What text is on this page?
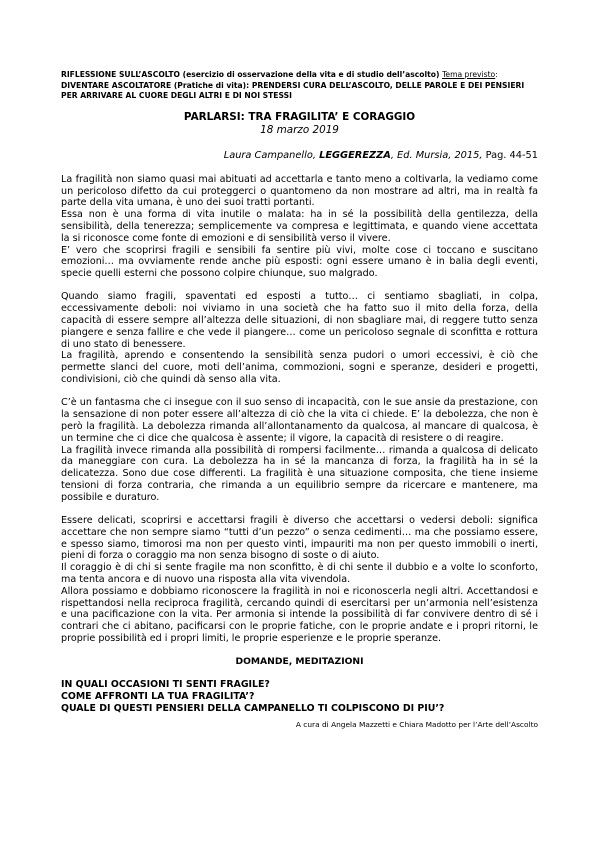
RIFLESSIONE SULL’ASCOLTO (esercizio di osservazione della vita e di studio dell’ascolto) Tema previsto: DIVENTARE ASCOLTATORE (Pratiche di vita): PRENDERSI CURA DELL’ASCOLTO, DELLE PAROLE E DEI PENSIERI PER ARRIVARE AL CUORE DEGLI ALTRI E DI NOI STESSI
PARLARSI: TRA FRAGILITA’ E CORAGGIO
18 marzo 2019
Laura Campanello, LEGGEREZZA, Ed. Mursia, 2015, Pag. 44-51

La fragilità non siamo quasi mai abituati ad accettarla e tanto meno a coltivarla, la vediamo come un pericoloso difetto da cui proteggerci o quantomeno da non mostrare ad altri, ma in realtà fa parte della vita umana, è uno dei suoi tratti portanti.

Essa non è una forma di vita inutile o malata: ha in sé la possibilità della gentilezza, della sensibilità, della tenerezza; semplicemente va compresa e legittimata, e quando viene accettata la si riconosce come fonte di emozioni e di sensibilità verso il vivere.

E’ vero che scoprirsi fragili e sensibili fa sentire più vivi, molte cose ci toccano e suscitano emozioni… ma ovviamente rende anche più esposti: ogni essere umano è in balia degli eventi, specie quelli esterni che possono colpire chiunque, suo malgrado.

Quando siamo fragili, spaventati ed esposti a tutto… ci sentiamo sbagliati, in colpa, eccessivamente deboli: noi viviamo in una società che ha fatto suo il mito della forza, della capacità di essere sempre all’altezza delle situazioni, di non sbagliare mai, di reggere tutto senza piangere e senza fallire e che vede il piangere… come un pericoloso segnale di sconfitta e rottura di uno stato di benessere.

La fragilità, aprendo e consentendo la sensibilità senza pudori o umori eccessivi, è ciò che permette slanci del cuore, moti dell’anima, commozioni, sogni e speranze, desideri e progetti, condivisioni, ciò che quindi dà senso alla vita.

C’è un fantasma che ci insegue con il suo senso di incapacità, con le sue ansie da prestazione, con la sensazione di non poter essere all’altezza di ciò che la vita ci chiede. E’ la debolezza, che non è però la fragilità. La debolezza rimanda all’allontanamento da qualcosa, al mancare di qualcosa, è un termine che ci dice che qualcosa è assente; il vigore, la capacità di resistere o di reagire.

La fragilità invece rimanda alla possibilità di rompersi facilmente… rimanda a qualcosa di delicato da maneggiare con cura. La debolezza ha in sé la mancanza di forza, la fragilità ha in sé la delicatezza. Sono due cose differenti. La fragilità è una situazione composita, che tiene insieme tensioni di forza contraria, che rimanda a un equilibrio sempre da ricercare e mantenere, ma possibile e duraturo.

Essere delicati, scoprirsi e accettarsi fragili è diverso che accettarsi o vedersi deboli: significa accettare che non sempre siamo “tutti d’un pezzo” o senza cedimenti… ma che possiamo essere, e spesso siamo, timorosi ma non per questo vinti, impauriti ma non per questo immobili o inerti, pieni di forza o coraggio ma non senza bisogno di soste o di aiuto.

Il coraggio è di chi si sente fragile ma non sconfitto, è di chi sente il dubbio e a volte lo sconforto, ma tenta ancora e di nuovo una risposta alla vita vivendola.

Allora possiamo e dobbiamo riconoscere la fragilità in noi e riconoscerla negli altri. Accettandosi e rispettandosi nella reciproca fragilità, cercando quindi di esercitarsi per un’armonia nell’esistenza e una pacificazione con la vita. Per armonia si intende la possibilità di far convivere dentro di sé i contrari che ci abitano, pacificarsi con le proprie fatiche, con le proprie andate e i propri ritorni, le proprie possibilità ed i propri limiti, le proprie esperienze e le proprie speranze.

DOMANDE, MEDITAZIONI
IN QUALI OCCASIONI TI SENTI FRAGILE?
COME AFFRONTI LA TUA FRAGILITA’?
QUALE DI QUESTI PENSIERI DELLA CAMPANELLO TI COLPISCONO DI PIU’?
A cura di Angela Mazzetti e Chiara Madotto per l’Arte dell’Ascolto
